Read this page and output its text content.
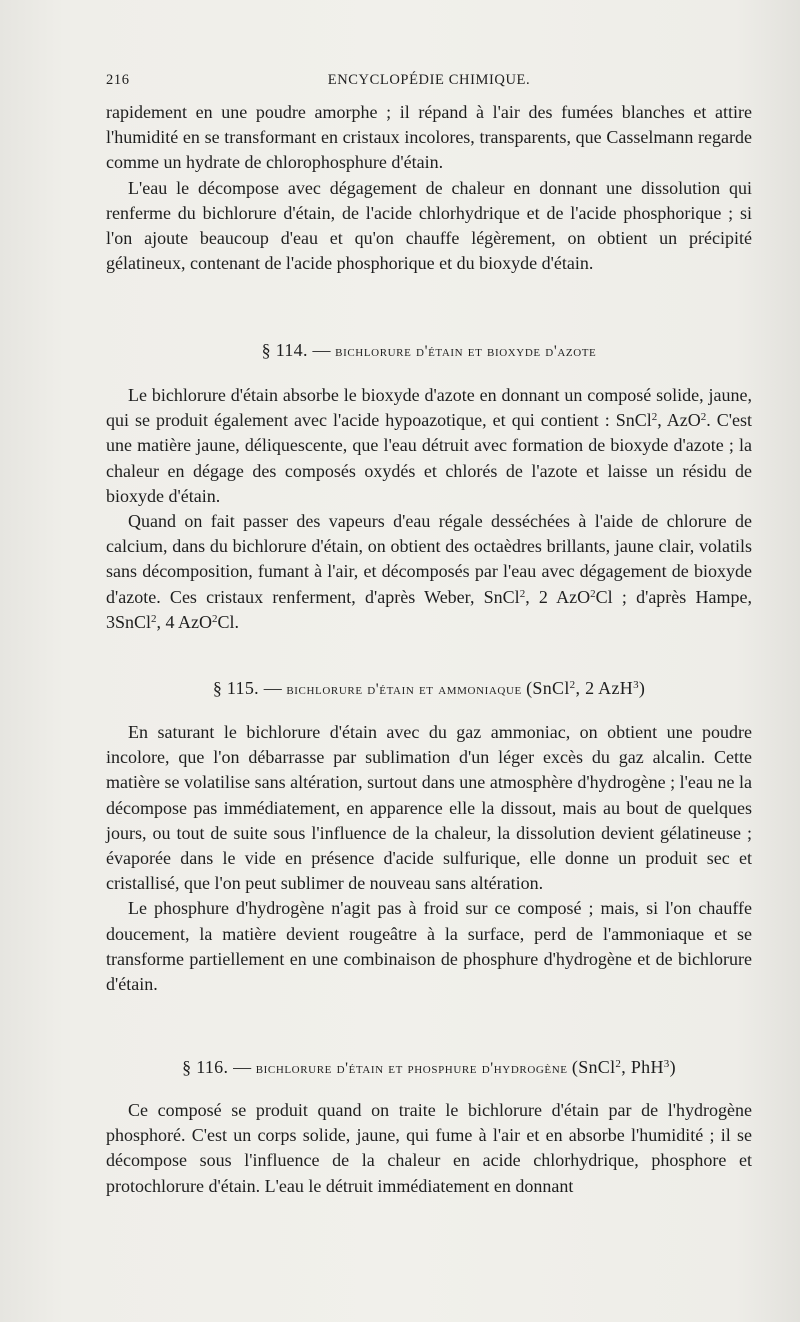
216	ENCYCLOPÉDIE CHIMIQUE.

rapidement en une poudre amorphe ; il répand à l'air des fumées blanches et attire l'humidité en se transformant en cristaux incolores, transparents, que Casselmann regarde comme un hydrate de chlorophosphure d'étain.

L'eau le décompose avec dégagement de chaleur en donnant une dissolution qui renferme du bichlorure d'étain, de l'acide chlorhydrique et de l'acide phosphorique ; si l'on ajoute beaucoup d'eau et qu'on chauffe légèrement, on obtient un précipité gélatineux, contenant de l'acide phosphorique et du bioxyde d'étain.

§ 114. — bichlorure d'étain et bioxyde d'azote

Le bichlorure d'étain absorbe le bioxyde d'azote en donnant un composé solide, jaune, qui se produit également avec l'acide hypoazotique, et qui contient : SnCl$^2$, AzO$^2$. C'est une matière jaune, déliquescente, que l'eau détruit avec formation de bioxyde d'azote ; la chaleur en dégage des composés oxydés et chlorés de l'azote et laisse un résidu de bioxyde d'étain.

Quand on fait passer des vapeurs d'eau régale desséchées à l'aide de chlorure de calcium, dans du bichlorure d'étain, on obtient des octaèdres brillants, jaune clair, volatils sans décomposition, fumant à l'air, et décomposés par l'eau avec dégagement de bioxyde d'azote. Ces cristaux renferment, d'après Weber, SnCl$^2$, 2 AzO$^2$Cl ; d'après Hampe, 3SnCl$^2$, 4 AzO$^2$Cl.

§ 115. — bichlorure d'étain et ammoniaque (SnCl$^2$, 2 AzH$^3$)

En saturant le bichlorure d'étain avec du gaz ammoniac, on obtient une poudre incolore, que l'on débarrasse par sublimation d'un léger excès du gaz alcalin. Cette matière se volatilise sans altération, surtout dans une atmosphère d'hydrogène ; l'eau ne la décompose pas immédiatement, en apparence elle la dissout, mais au bout de quelques jours, ou tout de suite sous l'influence de la chaleur, la dissolution devient gélatineuse ; évaporée dans le vide en présence d'acide sulfurique, elle donne un produit sec et cristallisé, que l'on peut sublimer de nouveau sans altération.

Le phosphure d'hydrogène n'agit pas à froid sur ce composé ; mais, si l'on chauffe doucement, la matière devient rougeâtre à la surface, perd de l'ammoniaque et se transforme partiellement en une combinaison de phosphure d'hydrogène et de bichlorure d'étain.

§ 116. — bichlorure d'étain et phosphure d'hydrogène (SnCl$^2$, PhH$^3$)

Ce composé se produit quand on traite le bichlorure d'étain par de l'hydrogène phosphoré. C'est un corps solide, jaune, qui fume à l'air et en absorbe l'humidité ; il se décompose sous l'influence de la chaleur en acide chlorhydrique, phosphore et protochlorure d'étain. L'eau le détruit immédiatement en donnant
